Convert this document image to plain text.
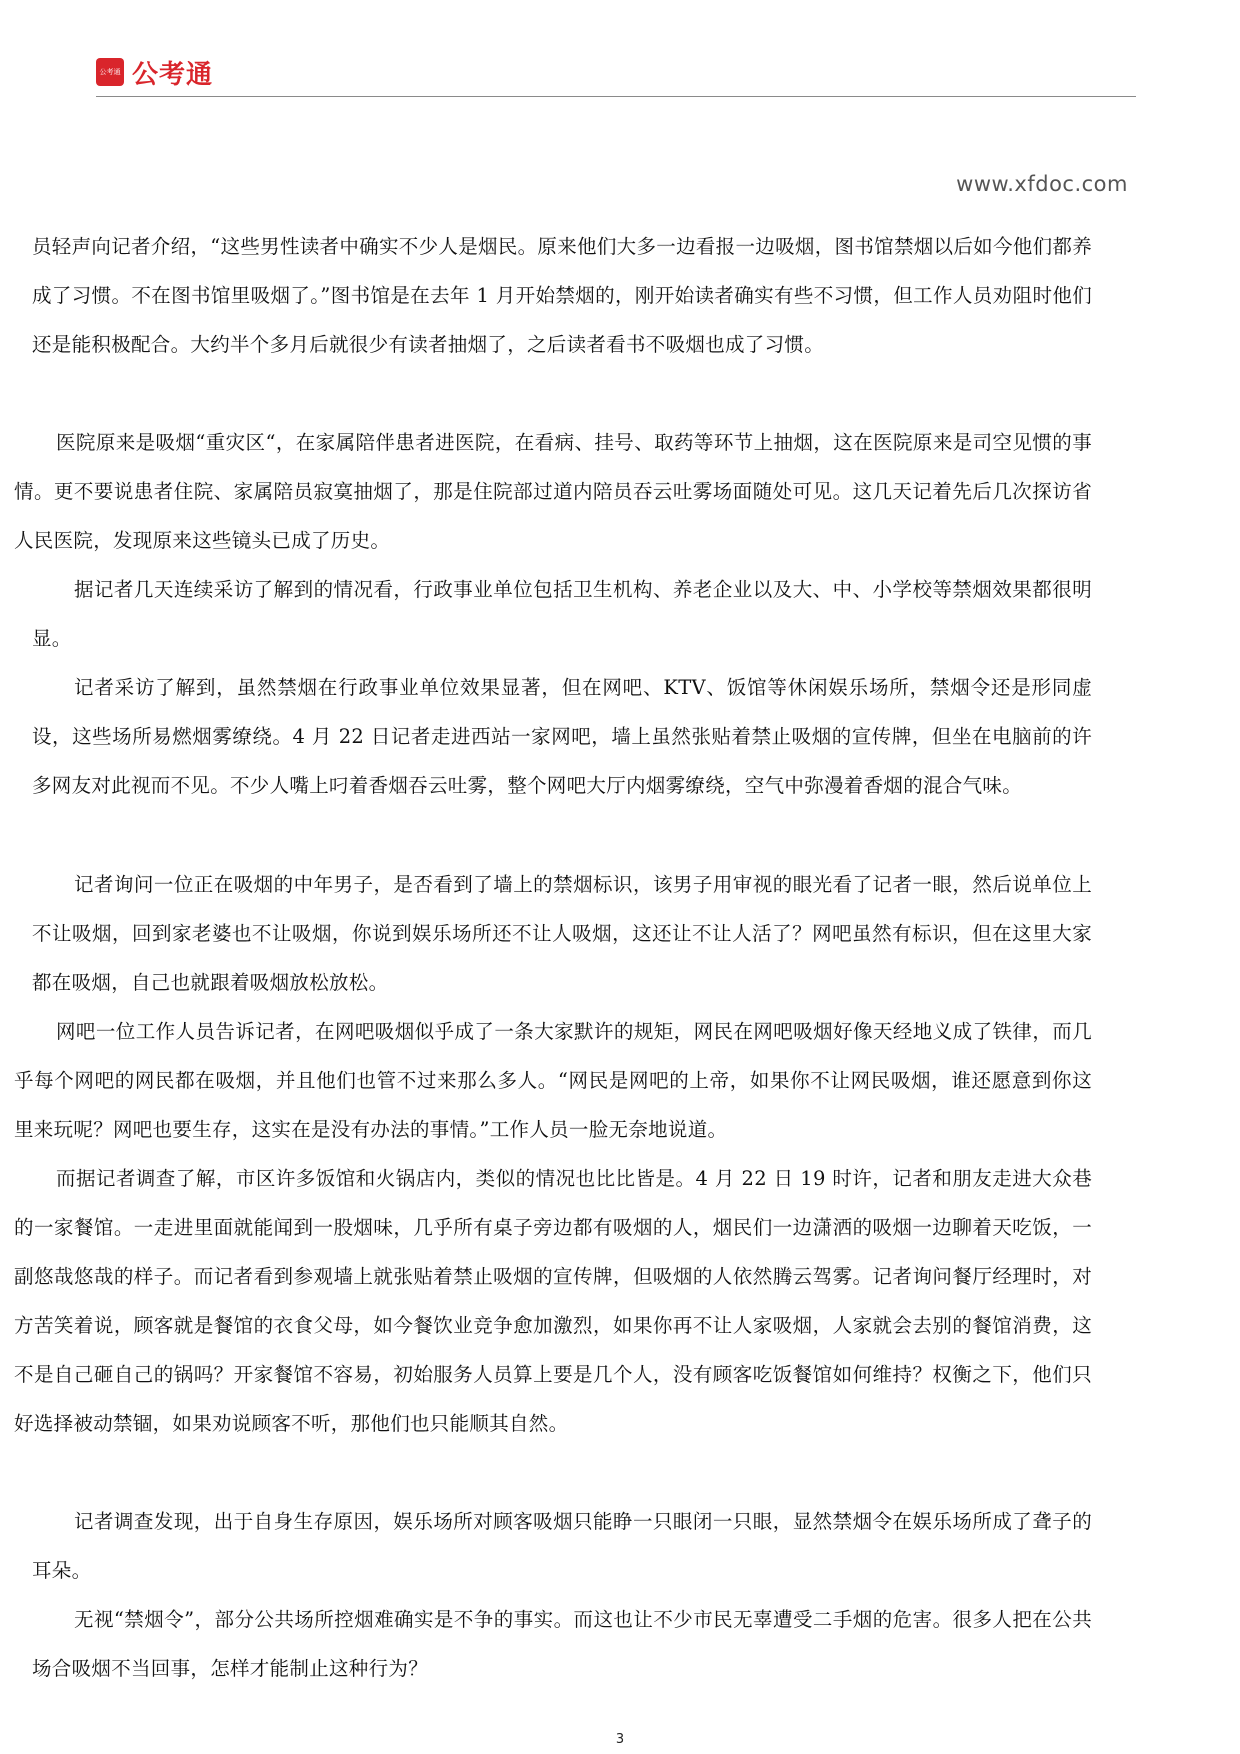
公考通 公考通
www.xfdoc.com

员轻声向记者介绍，“这些男性读者中确实不少人是烟民。原来他们大多一边看报一边吸烟，图书馆禁烟以后如今他们都养成了习惯。不在图书馆里吸烟了。”图书馆是在去年 1 月开始禁烟的，刚开始读者确实有些不习惯，但工作人员劝阻时他们还是能积极配合。大约半个多月后就很少有读者抽烟了，之后读者看书不吸烟也成了习惯。

医院原来是吸烟“重灾区“，在家属陪伴患者进医院，在看病、挂号、取药等环节上抽烟，这在医院原来是司空见惯的事情。更不要说患者住院、家属陪员寂寞抽烟了，那是住院部过道内陪员吞云吐雾场面随处可见。这几天记着先后几次探访省人民医院，发现原来这些镜头已成了历史。

据记者几天连续采访了解到的情况看，行政事业单位包括卫生机构、养老企业以及大、中、小学校等禁烟效果都很明显。

记者采访了解到，虽然禁烟在行政事业单位效果显著，但在网吧、KTV、饭馆等休闲娱乐场所，禁烟令还是形同虚设，这些场所易燃烟雾缭绕。4 月 22 日记者走进西站一家网吧，墙上虽然张贴着禁止吸烟的宣传牌，但坐在电脑前的许多网友对此视而不见。不少人嘴上叼着香烟吞云吐雾，整个网吧大厅内烟雾缭绕，空气中弥漫着香烟的混合气味。

记者询问一位正在吸烟的中年男子，是否看到了墙上的禁烟标识，该男子用审视的眼光看了记者一眼，然后说单位上不让吸烟，回到家老婆也不让吸烟，你说到娱乐场所还不让人吸烟，这还让不让人活了？网吧虽然有标识，但在这里大家都在吸烟，自己也就跟着吸烟放松放松。

网吧一位工作人员告诉记者，在网吧吸烟似乎成了一条大家默许的规矩，网民在网吧吸烟好像天经地义成了铁律，而几乎每个网吧的网民都在吸烟，并且他们也管不过来那么多人。“网民是网吧的上帝，如果你不让网民吸烟，谁还愿意到你这里来玩呢？网吧也要生存，这实在是没有办法的事情。”工作人员一脸无奈地说道。

而据记者调查了解，市区许多饭馆和火锅店内，类似的情况也比比皆是。4 月 22 日 19 时许，记者和朋友走进大众巷的一家餐馆。一走进里面就能闻到一股烟味，几乎所有桌子旁边都有吸烟的人，烟民们一边潇洒的吸烟一边聊着天吃饭，一副悠哉悠哉的样子。而记者看到参观墙上就张贴着禁止吸烟的宣传牌，但吸烟的人依然腾云驾雾。记者询问餐厅经理时，对方苦笑着说，顾客就是餐馆的衣食父母，如今餐饮业竞争愈加激烈，如果你再不让人家吸烟，人家就会去别的餐馆消费，这不是自己砸自己的锅吗？开家餐馆不容易，初始服务人员算上要是几个人，没有顾客吃饭餐馆如何维持？权衡之下，他们只好选择被动禁锢，如果劝说顾客不听，那他们也只能顺其自然。

记者调查发现，出于自身生存原因，娱乐场所对顾客吸烟只能睁一只眼闭一只眼，显然禁烟令在娱乐场所成了聋子的耳朵。

无视“禁烟令”，部分公共场所控烟难确实是不争的事实。而这也让不少市民无辜遭受二手烟的危害。很多人把在公共场合吸烟不当回事，怎样才能制止这种行为？

3
